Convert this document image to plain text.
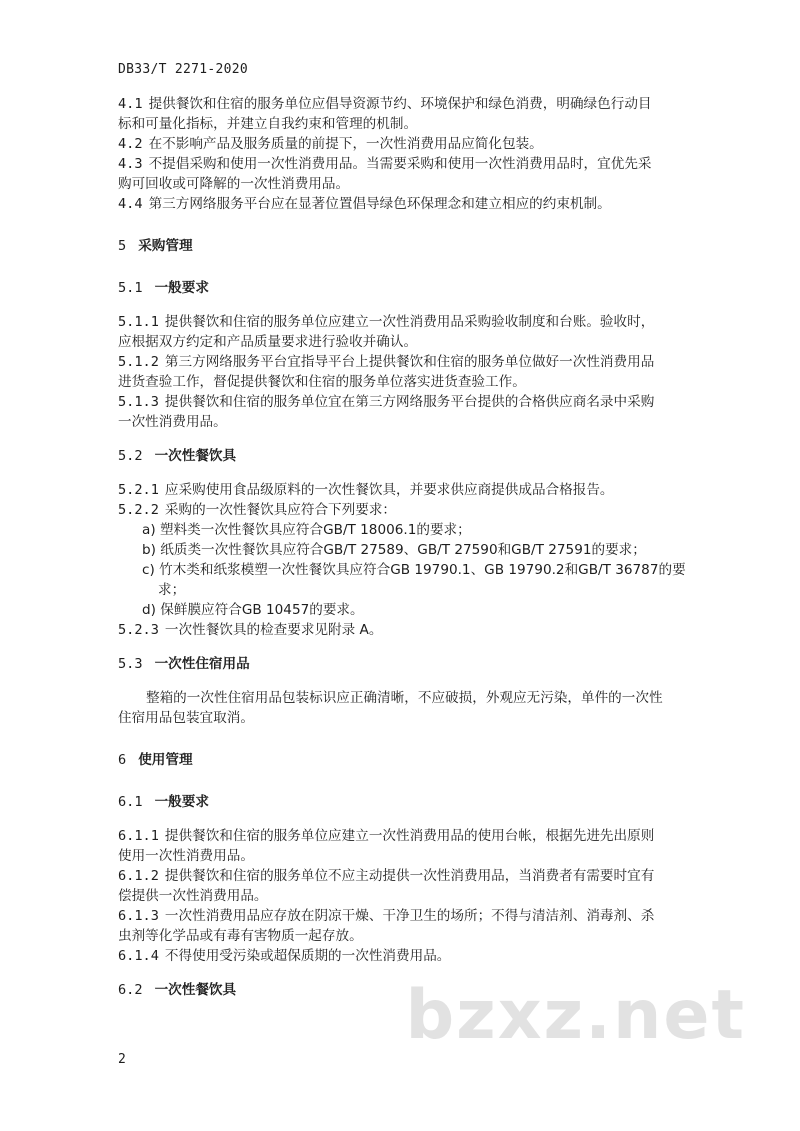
DB33/T 2271-2020
4.1 提供餐饮和住宿的服务单位应倡导资源节约、环境保护和绿色消费，明确绿色行动目
标和可量化指标，并建立自我约束和管理的机制。
4.2 在不影响产品及服务质量的前提下，一次性消费用品应简化包装。
4.3 不提倡采购和使用一次性消费用品。当需要采购和使用一次性消费用品时，宜优先采
购可回收或可降解的一次性消费用品。
4.4 第三方网络服务平台应在显著位置倡导绿色环保理念和建立相应的约束机制。
5 采购管理
5.1 一般要求
5.1.1 提供餐饮和住宿的服务单位应建立一次性消费用品采购验收制度和台账。验收时，
应根据双方约定和产品质量要求进行验收并确认。
5.1.2 第三方网络服务平台宜指导平台上提供餐饮和住宿的服务单位做好一次性消费用品
进货查验工作，督促提供餐饮和住宿的服务单位落实进货查验工作。
5.1.3 提供餐饮和住宿的服务单位宜在第三方网络服务平台提供的合格供应商名录中采购
一次性消费用品。
5.2 一次性餐饮具
5.2.1 应采购使用食品级原料的一次性餐饮具，并要求供应商提供成品合格报告。
5.2.2 采购的一次性餐饮具应符合下列要求：
a) 塑料类一次性餐饮具应符合GB/T 18006.1的要求；
b) 纸质类一次性餐饮具应符合GB/T 27589、GB/T 27590和GB/T 27591的要求；
c) 竹木类和纸浆模塑一次性餐饮具应符合GB 19790.1、GB 19790.2和GB/T 36787的要
求；
d) 保鲜膜应符合GB 10457的要求。
5.2.3 一次性餐饮具的检查要求见附录 A。
5.3 一次性住宿用品
整箱的一次性住宿用品包装标识应正确清晰，不应破损，外观应无污染，单件的一次性
住宿用品包装宜取消。
6 使用管理
6.1 一般要求
6.1.1 提供餐饮和住宿的服务单位应建立一次性消费用品的使用台帐，根据先进先出原则
使用一次性消费用品。
6.1.2 提供餐饮和住宿的服务单位不应主动提供一次性消费用品，当消费者有需要时宜有
偿提供一次性消费用品。
6.1.3 一次性消费用品应存放在阴凉干燥、干净卫生的场所；不得与清洁剂、消毒剂、杀
虫剂等化学品或有毒有害物质一起存放。
6.1.4 不得使用受污染或超保质期的一次性消费用品。
6.2 一次性餐饮具	bzxz.net
2
